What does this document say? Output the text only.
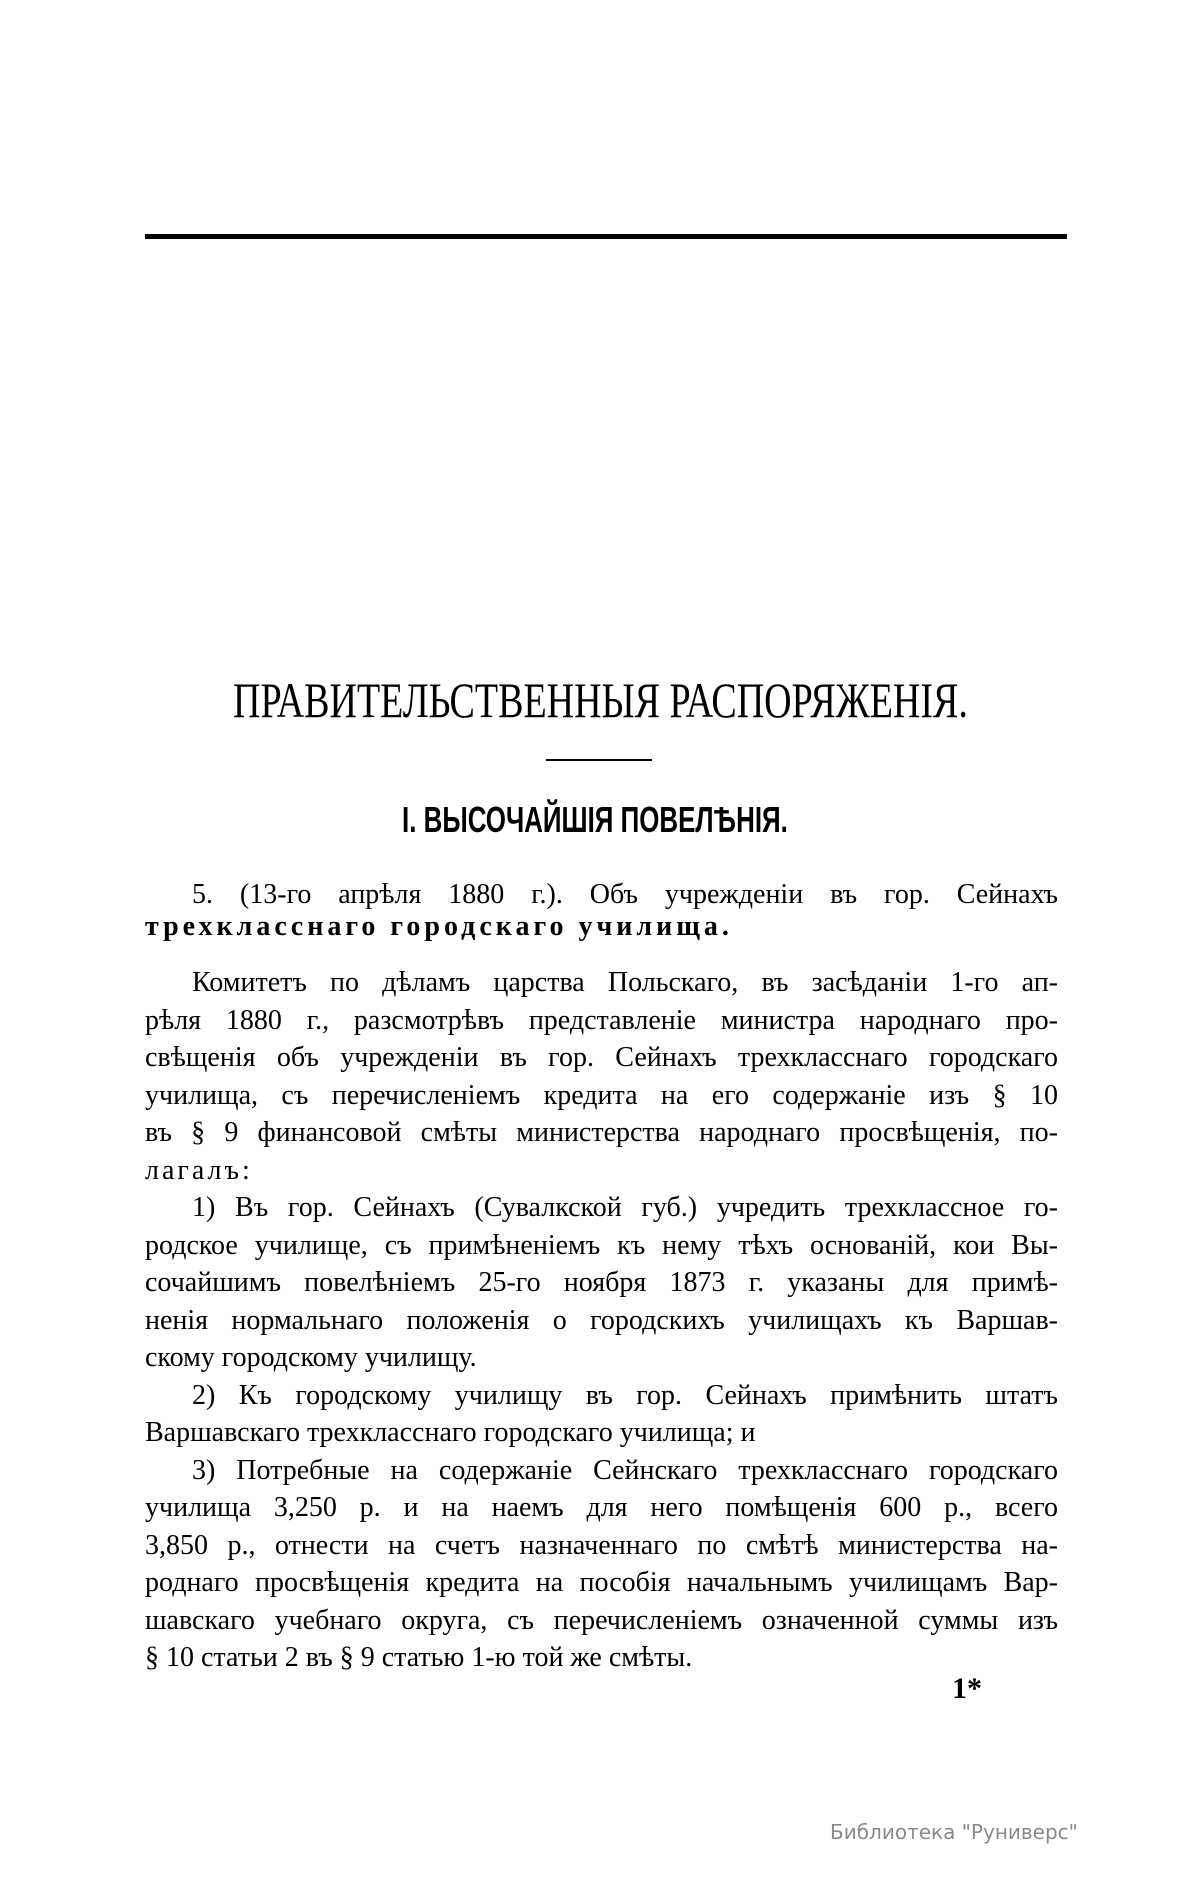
ПРАВИТЕЛЬСТВЕННЫЯ РАСПОРЯЖЕНІЯ.
I. ВЫСОЧАЙШІЯ ПОВЕЛѢНІЯ.
5. (13-го апрѣля 1880 г.). Объ учрежденіи въ гор. Сейнахъ
трехкласснаго городскаго училища.
Комитетъ по дѣламъ царства Польскаго, въ засѣданіи 1-го ап-
рѣля 1880 г., разсмотрѣвъ представленіе министра народнаго про-
свѣщенія объ учрежденіи въ гор. Сейнахъ трехкласснаго городскаго
училища, съ перечисленіемъ кредита на его содержаніе изъ § 10
въ § 9 финансовой смѣты министерства народнаго просвѣщенія, по-
лагалъ:
1) Въ гор. Сейнахъ (Сувалкской губ.) учредить трехклассное го-
родское училище, съ примѣненіемъ къ нему тѣхъ основаній, кои Вы-
сочайшимъ повелѣніемъ 25-го ноября 1873 г. указаны для примѣ-
ненія нормальнаго положенія о городскихъ училищахъ къ Варшав-
скому городскому училищу.
2) Къ городскому училищу въ гор. Сейнахъ примѣнить штатъ
Варшавскаго трехкласснаго городскаго училища; и
3) Потребные на содержаніе Сейнскаго трехкласснаго городскаго
училища 3,250 р. и на наемъ для него помѣщенія 600 р., всего
3,850 р., отнести на счетъ назначеннаго по смѣтѣ министерства на-
роднаго просвѣщенія кредита на пособія начальнымъ училищамъ Вар-
шавскаго учебнаго округа, съ перечисленіемъ означенной суммы изъ
§ 10 статьи 2 въ § 9 статью 1-ю той же смѣты.
1*
Библиотека "Руниверс"
